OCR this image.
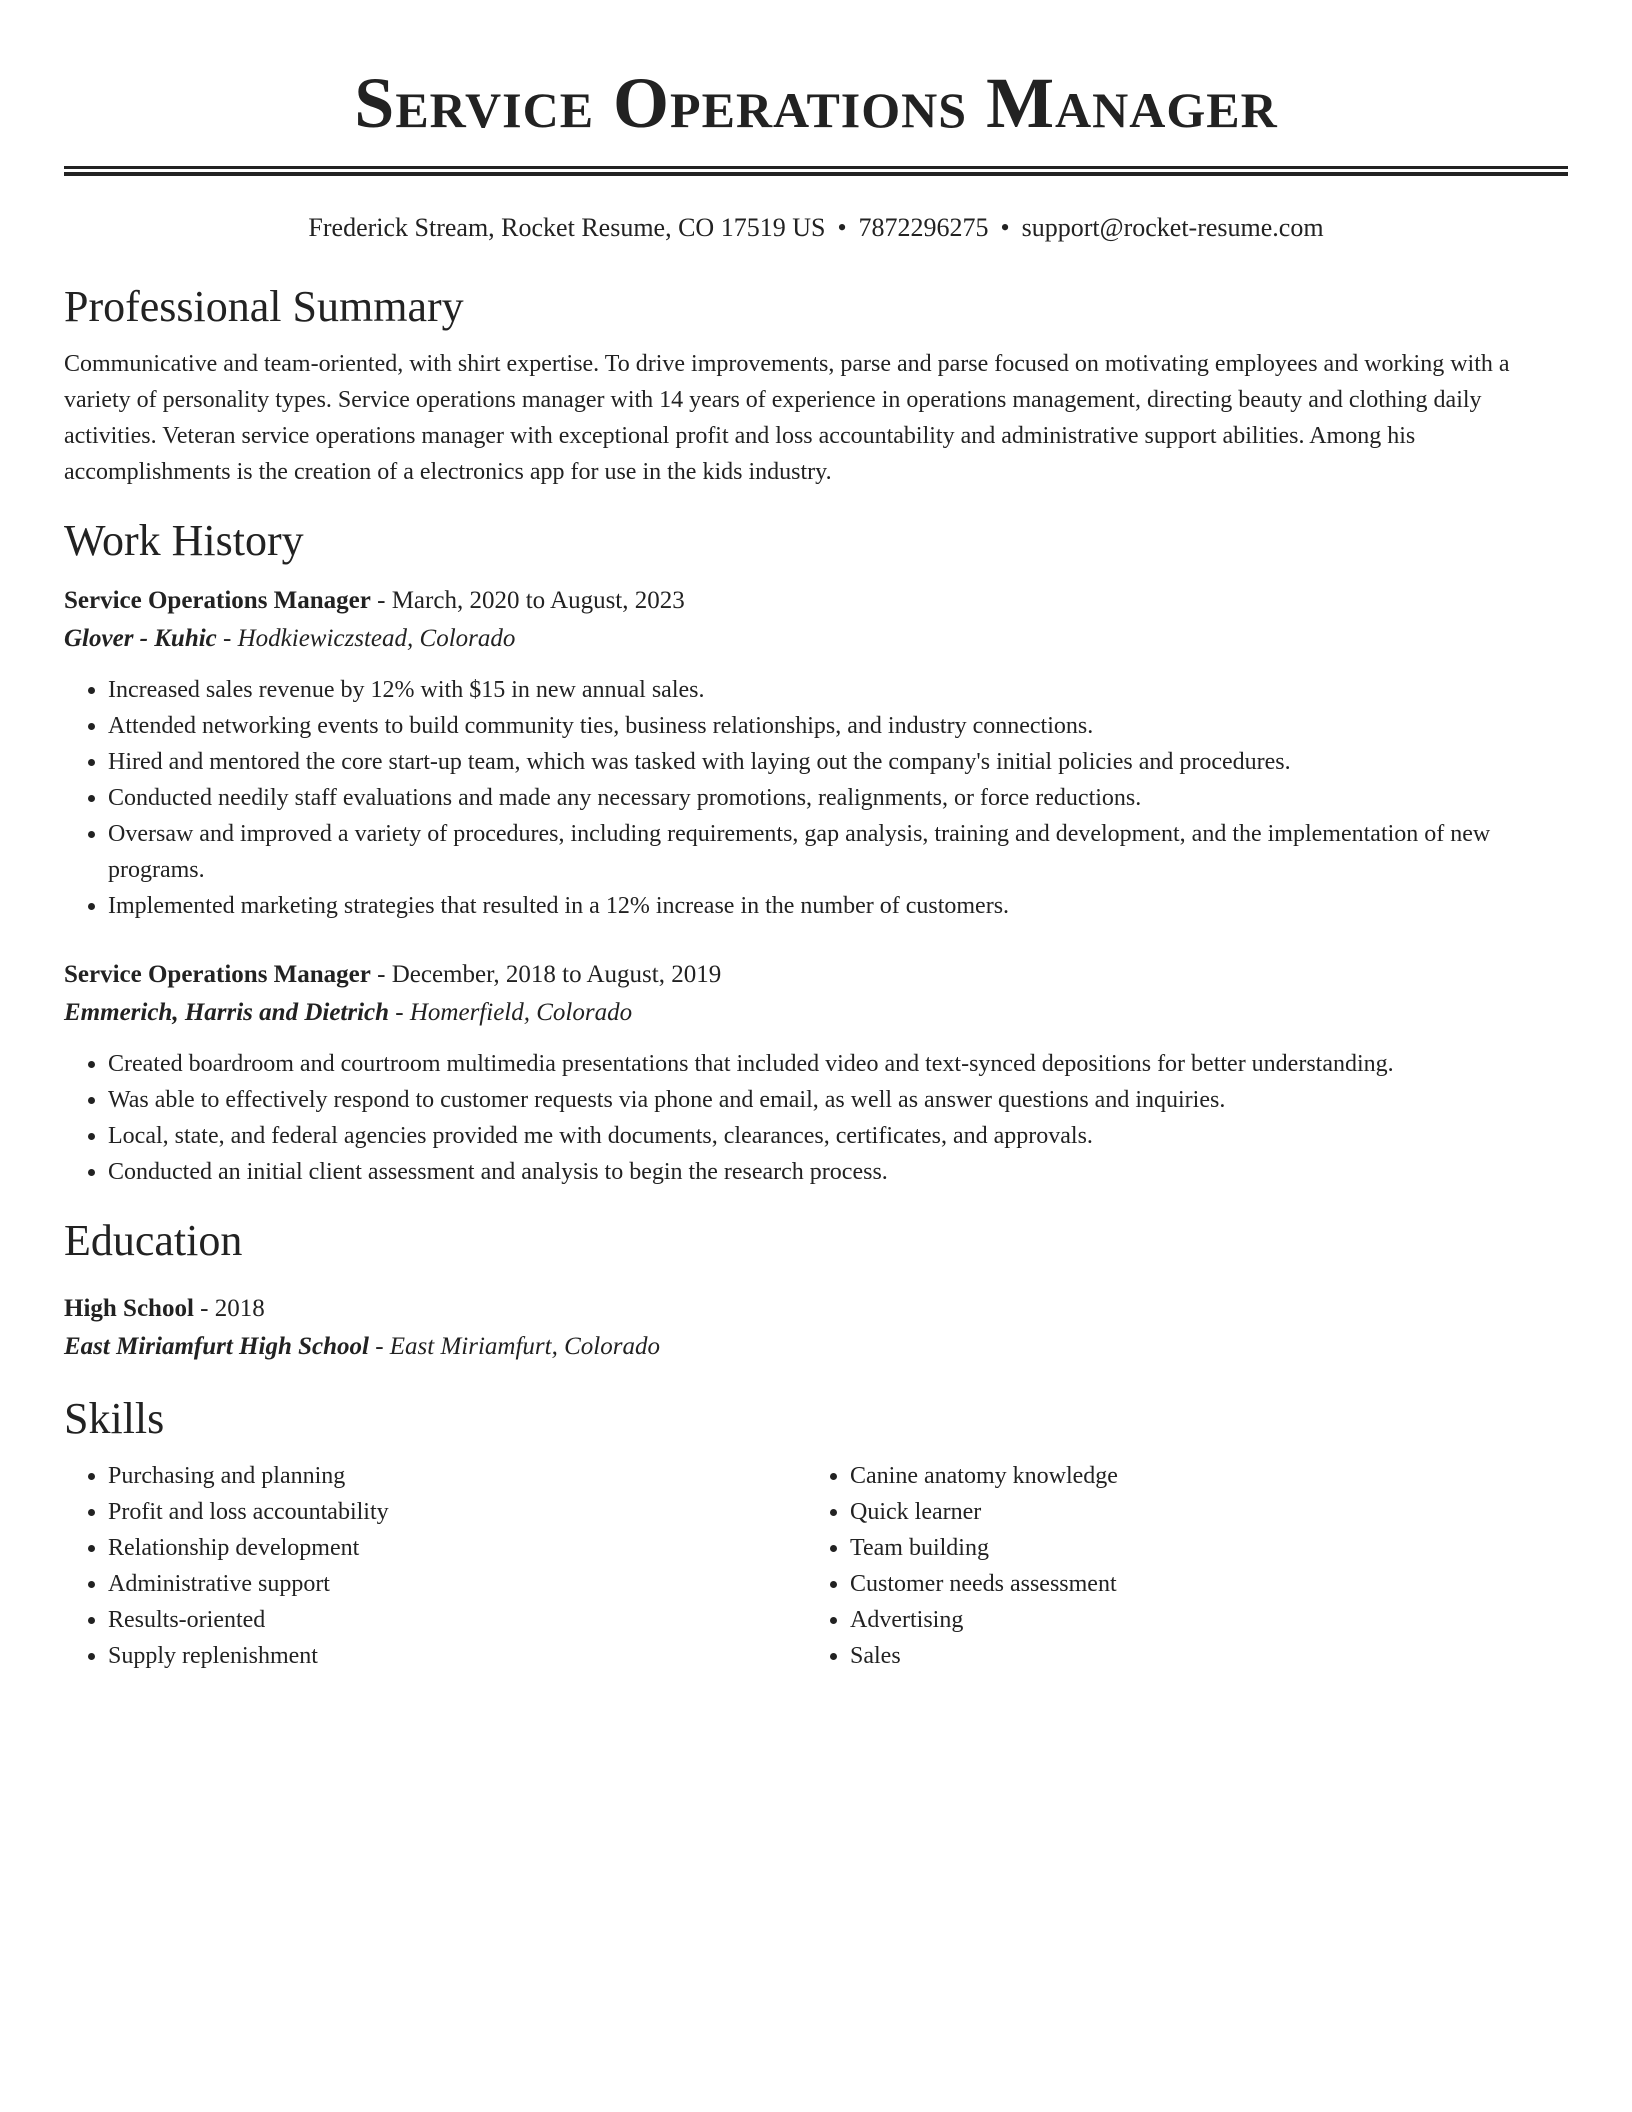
Service Operations Manager
Frederick Stream, Rocket Resume, CO 17519 US • 7872296275 • support@rocket-resume.com
Professional Summary
Communicative and team-oriented, with shirt expertise. To drive improvements, parse and parse focused on motivating employees and working with a variety of personality types. Service operations manager with 14 years of experience in operations management, directing beauty and clothing daily activities. Veteran service operations manager with exceptional profit and loss accountability and administrative support abilities. Among his accomplishments is the creation of a electronics app for use in the kids industry.
Work History
Service Operations Manager - March, 2020 to August, 2023
Glover - Kuhic - Hodkiewiczstead, Colorado
• Increased sales revenue by 12% with $15 in new annual sales.
• Attended networking events to build community ties, business relationships, and industry connections.
• Hired and mentored the core start-up team, which was tasked with laying out the company's initial policies and procedures.
• Conducted needily staff evaluations and made any necessary promotions, realignments, or force reductions.
• Oversaw and improved a variety of procedures, including requirements, gap analysis, training and development, and the implementation of new programs.
• Implemented marketing strategies that resulted in a 12% increase in the number of customers.
Service Operations Manager - December, 2018 to August, 2019
Emmerich, Harris and Dietrich - Homerfield, Colorado
• Created boardroom and courtroom multimedia presentations that included video and text-synced depositions for better understanding.
• Was able to effectively respond to customer requests via phone and email, as well as answer questions and inquiries.
• Local, state, and federal agencies provided me with documents, clearances, certificates, and approvals.
• Conducted an initial client assessment and analysis to begin the research process.
Education
High School - 2018
East Miriamfurt High School - East Miriamfurt, Colorado
Skills
• Purchasing and planning
• Profit and loss accountability
• Relationship development
• Administrative support
• Results-oriented
• Supply replenishment
• Canine anatomy knowledge
• Quick learner
• Team building
• Customer needs assessment
• Advertising
• Sales
